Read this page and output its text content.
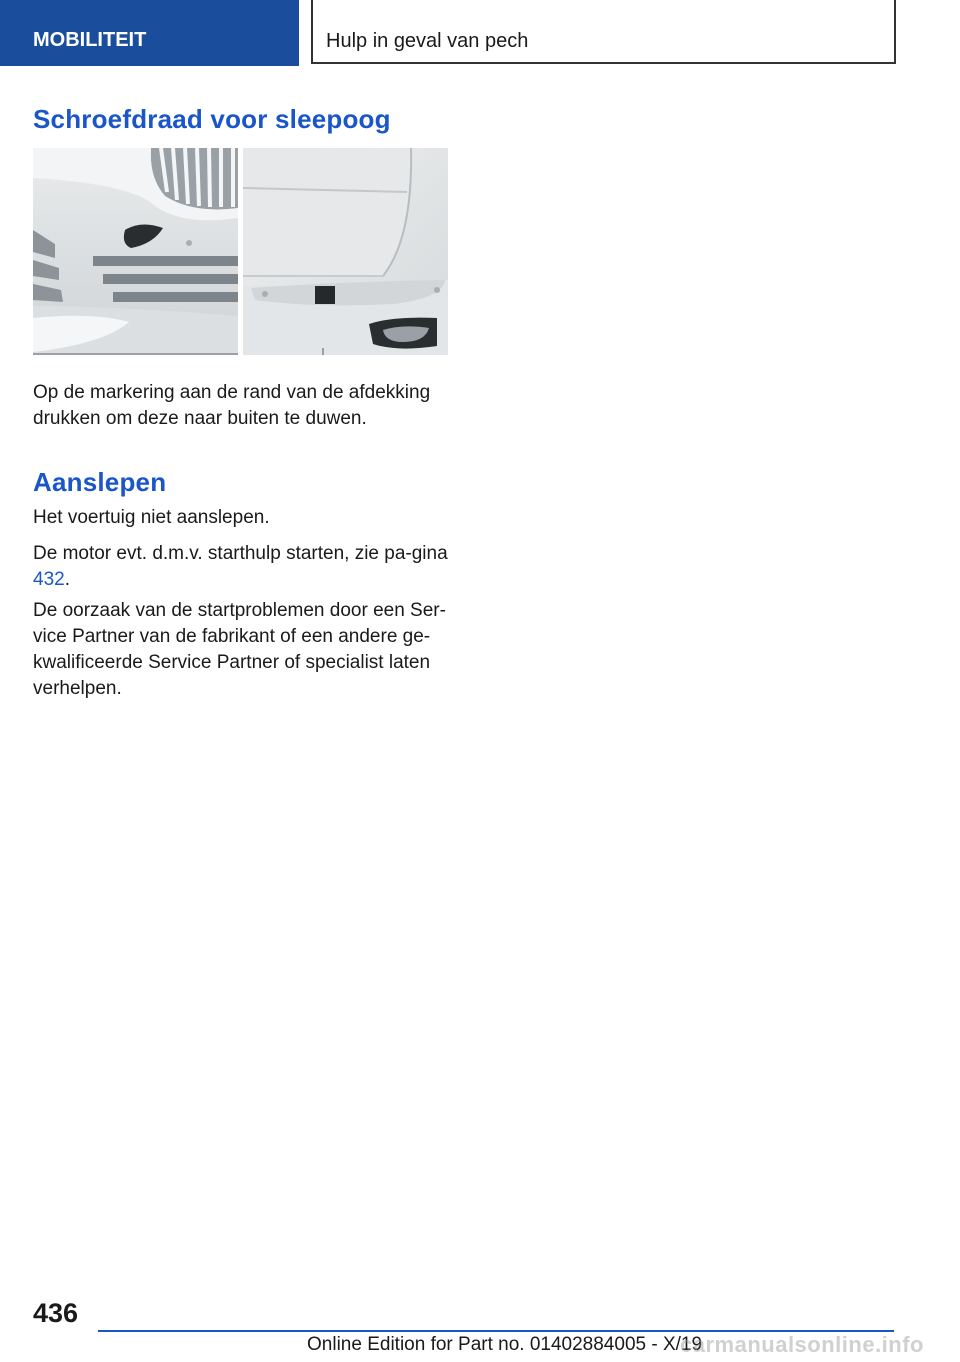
MOBILITEIT	Hulp in geval van pech
Schroefdraad voor sleepoog

Op de markering aan de rand van de afdekking drukken om deze naar buiten te duwen.

Aanslepen

Het voertuig niet aanslepen.

De motor evt. d.m.v. starthulp starten, zie pa-gina 432.

De oorzaak van de startproblemen door een Ser-vice Partner van de fabrikant of een andere ge-kwalificeerde Service Partner of specialist laten verhelpen.

436
Online Edition for Part no. 01402884005 - X/19
carmanualsonline.info
